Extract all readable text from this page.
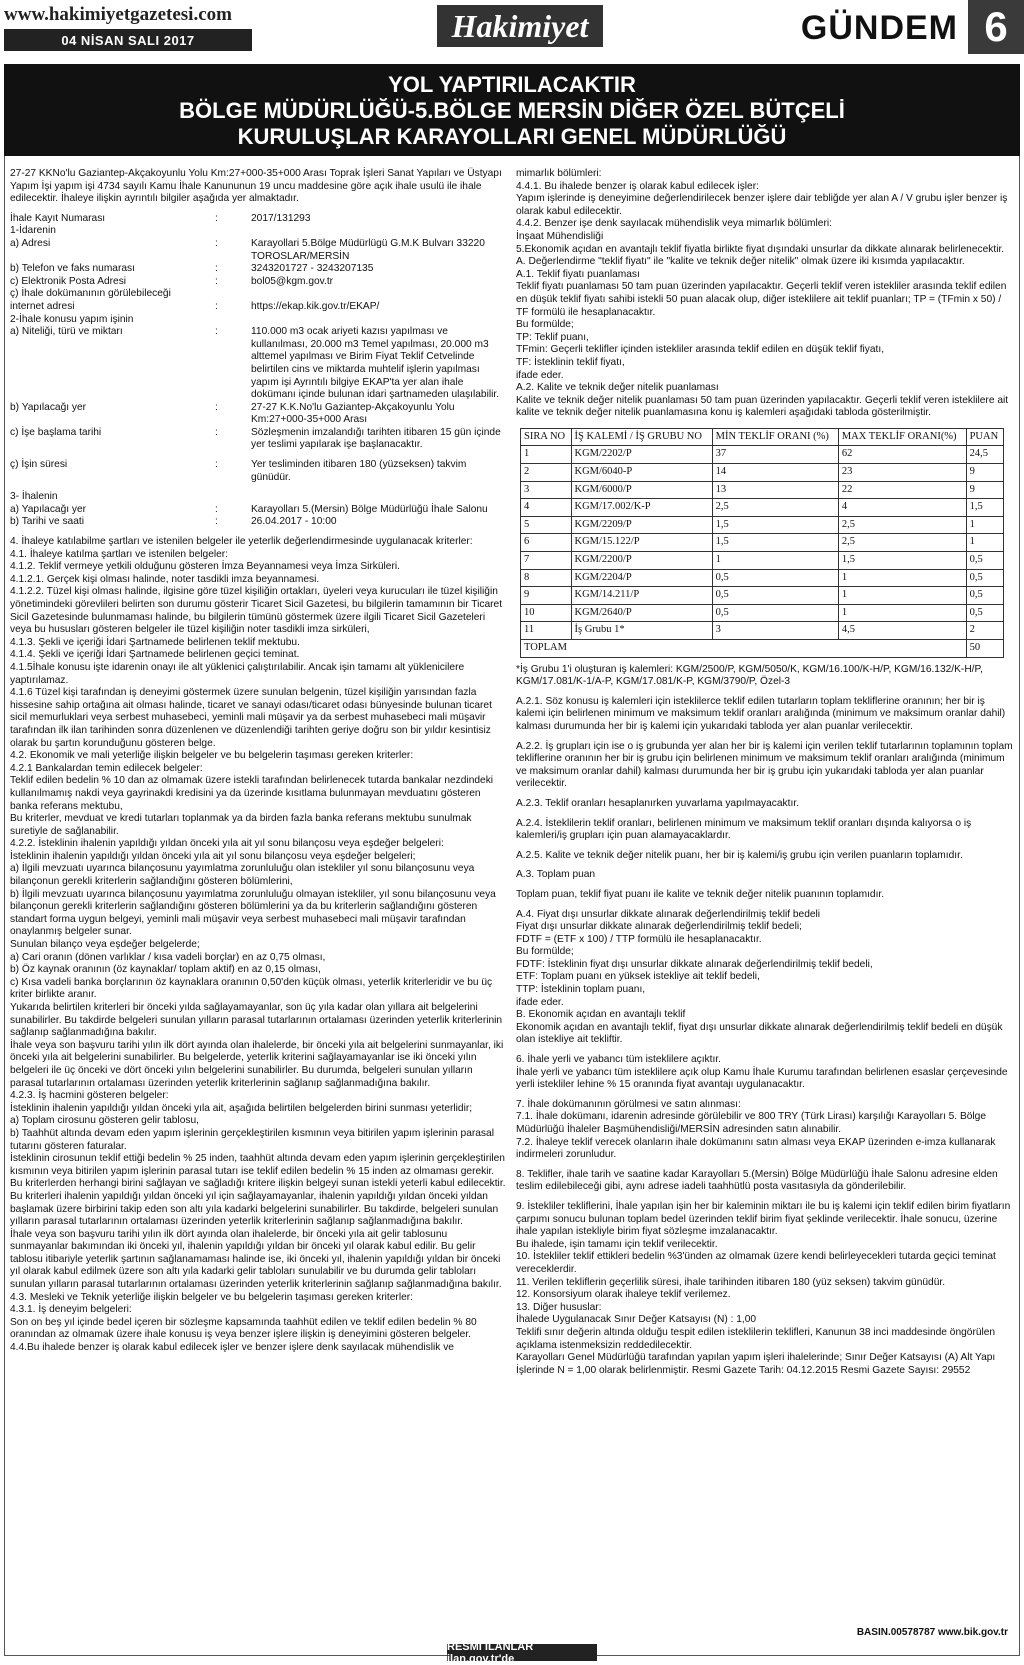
www.hakimiyetgazetesi.com
04 NİSAN SALI 2017	Hakimiyet	GÜNDEM 6
YOL YAPTIRILACAKTIR
BÖLGE MÜDÜRLÜĞÜ-5.BÖLGE MERSİN DİĞER ÖZEL BÜTÇELİ
KURULUŞLAR KARAYOLLARI GENEL MÜDÜRLÜĞÜ

27-27 KKNo'lu Gaziantep-Akçakoyunlu Yolu Km:27+000-35+000 Arası Toprak İşleri Sanat Yapıları ve Üstyapı Yapım İşi yapım işi 4734 sayılı Kamu İhale Kanununun 19 uncu maddesine göre açık ihale usulü ile ihale edilecektir. İhaleye ilişkin ayrıntılı bilgiler aşağıda yer almaktadır.

İhale Kayıt Numarası	:	2017/131293
1-İdarenin
a) Adresi	:	Karayollari 5.Bölge Müdürlügü G.M.K Bulvarı 33220 TOROSLAR/MERSİN
b) Telefon ve faks numarası	:	3243201727 - 3243207135
c) Elektronik Posta Adresi	:	bol05@kgm.gov.tr
ç) İhale dokümanının görülebileceği
internet adresi	:	https://ekap.kik.gov.tr/EKAP/
2-İhale konusu yapım işinin
a) Niteliği, türü ve miktarı	:	110.000 m3 ocak ariyeti kazısı yapılması ve kullanılması, 20.000 m3 Temel yapılması, 20.000 m3 alttemel yapılması ve Birim Fiyat Teklif Cetvelinde belirtilen cins ve miktarda muhtelif işlerin yapılması yapım işi Ayrıntılı bilgiye EKAP'ta yer alan ihale dokümanı içinde bulunan idari şartnameden ulaşılabilir.
b) Yapılacağı yer	:	27-27 K.K.No'lu Gaziantep-Akçakoyunlu Yolu Km:27+000-35+000 Arası
c) İşe başlama tarihi	:	Sözleşmenin imzalandığı tarihten itibaren 15 gün içinde yer teslimi yapılarak işe başlanacaktır.
ç) İşin süresi	:	Yer tesliminden itibaren 180 (yüzseksen) takvim günüdür.
3- İhalenin
a) Yapılacağı yer	:	Karayolları 5.(Mersin) Bölge Müdürlüğü İhale Salonu
b) Tarihi ve saati	:	26.04.2017 - 10:00

4. İhaleye katılabilme şartları ve istenilen belgeler ile yeterlik değerlendirmesinde uygulanacak kriterler:

4.1. İhaleye katılma şartları ve istenilen belgeler:

4.1.2. Teklif vermeye yetkili olduğunu gösteren İmza Beyannamesi veya İmza Sirküleri.

4.1.2.1. Gerçek kişi olması halinde, noter tasdikli imza beyannamesi.

4.1.2.2. Tüzel kişi olması halinde, ilgisine göre tüzel kişiliğin ortakları, üyeleri veya kurucuları ile tüzel kişiliğin yönetimindeki görevlileri belirten son durumu gösterir Ticaret Sicil Gazetesi, bu bilgilerin tamamının bir Ticaret Sicil Gazetesinde bulunmaması halinde, bu bilgilerin tümünü göstermek üzere ilgili Ticaret Sicil Gazeteleri veya bu hususları gösteren belgeler ile tüzel kişiliğin noter tasdikli imza sirküleri,

4.1.3. Şekli ve içeriği İdari Şartnamede belirlenen teklif mektubu.

4.1.4. Şekli ve içeriği İdari Şartnamede belirlenen geçici teminat.

4.1.5İhale konusu işte idarenin onayı ile alt yüklenici çalıştırılabilir. Ancak işin tamamı alt yüklenicilere yaptırılamaz.

4.1.6 Tüzel kişi tarafından iş deneyimi göstermek üzere sunulan belgenin, tüzel kişiliğin yarısından fazla hissesine sahip ortağına ait olması halinde, ticaret ve sanayi odası/ticaret odası bünyesinde bulunan ticaret sicil memurluklari veya serbest muhasebeci, yeminli mali müşavir ya da serbest muhasebeci mali müşavir tarafından ilk ilan tarihinden sonra düzenlenen ve düzenlendiği tarihten geriye doğru son bir yıldır kesintisiz olarak bu şartın korunduğunu gösteren belge.

4.2. Ekonomik ve mali yeterliğe ilişkin belgeler ve bu belgelerin taşıması gereken kriterler:

4.2.1 Bankalardan temin edilecek belgeler:

Teklif edilen bedelin % 10 dan az olmamak üzere istekli tarafından belirlenecek tutarda bankalar nezdindeki kullanılmamış nakdi veya gayrinakdi kredisini ya da üzerinde kısıtlama bulunmayan mevduatını gösteren banka referans mektubu,

Bu kriterler, mevduat ve kredi tutarları toplanmak ya da birden fazla banka referans mektubu sunulmak suretiyle de sağlanabilir.

4.2.2. İsteklinin ihalenin yapıldığı yıldan önceki yıla ait yıl sonu bilançosu veya eşdeğer belgeleri:

İsteklinin ihalenin yapıldığı yıldan önceki yıla ait yıl sonu bilançosu veya eşdeğer belgeleri;

a) İlgili mevzuatı uyarınca bilançosunu yayımlatma zorunluluğu olan istekliler yıl sonu bilançosunu veya bilançonun gerekli kriterlerin sağlandığını gösteren bölümlerini,

b) İlgili mevzuatı uyarınca bilançosunu yayımlatma zorunluluğu olmayan istekliler, yıl sonu bilançosunu veya bilançonun gerekli kriterlerin sağlandığını gösteren bölümlerini ya da bu kriterlerin sağlandığını gösteren standart forma uygun belgeyi, yeminli mali müşavir veya serbest muhasebeci mali müşavir tarafından onaylanmış belgeler sunar.

Sunulan bilanço veya eşdeğer belgelerde;

a) Cari oranın (dönen varlıklar / kısa vadeli borçlar) en az 0,75 olması,

b) Öz kaynak oranının (öz kaynaklar/ toplam aktif) en az 0,15 olması,

c) Kısa vadeli banka borçlarının öz kaynaklara oranının 0,50'den küçük olması, yeterlik kriterleridir ve bu üç kriter birlikte aranır.

Yukarıda belirtilen kriterleri bir önceki yılda sağlayamayanlar, son üç yıla kadar olan yıllara ait belgelerini sunabilirler. Bu takdirde belgeleri sunulan yılların parasal tutarlarının ortalaması üzerinden yeterlik kriterlerinin sağlanıp sağlanmadığına bakılır.

İhale veya son başvuru tarihi yılın ilk dört ayında olan ihalelerde, bir önceki yıla ait belgelerini sunmayanlar, iki önceki yıla ait belgelerini sunabilirler. Bu belgelerde, yeterlik kriterini sağlayamayanlar ise iki önceki yılın belgeleri ile üç önceki ve dört önceki yılın belgelerini sunabilirler. Bu durumda, belgeleri sunulan yılların parasal tutarlarının ortalaması üzerinden yeterlik kriterlerinin sağlanıp sağlanmadığına bakılır.

4.2.3. İş hacmini gösteren belgeler:

İsteklinin ihalenin yapıldığı yıldan önceki yıla ait, aşağıda belirtilen belgelerden birini sunması yeterlidir;

a) Toplam cirosunu gösteren gelir tablosu,

b) Taahhüt altında devam eden yapım işlerinin gerçekleştirilen kısmının veya bitirilen yapım işlerinin parasal tutarını gösteren faturalar.

İsteklinin cirosunun teklif ettiği bedelin % 25 inden, taahhüt altında devam eden yapım işlerinin gerçekleştirilen kısmının veya bitirilen yapım işlerinin parasal tutarı ise teklif edilen bedelin % 15 inden az olmaması gerekir. Bu kriterlerden herhangi birini sağlayan ve sağladığı kritere ilişkin belgeyi sunan istekli yeterli kabul edilecektir.

Bu kriterleri ihalenin yapıldığı yıldan önceki yıl için sağlayamayanlar, ihalenin yapıldığı yıldan önceki yıldan başlamak üzere birbirini takip eden son altı yıla kadarki belgelerini sunabilirler. Bu takdirde, belgeleri sunulan yılların parasal tutarlarının ortalaması üzerinden yeterlik kriterlerinin sağlanıp sağlanmadığına bakılır.

İhale veya son başvuru tarihi yılın ilk dört ayında olan ihalelerde, bir önceki yıla ait gelir tablosunu sunmayanlar bakımından iki önceki yıl, ihalenin yapıldığı yıldan bir önceki yıl olarak kabul edilir. Bu gelir tablosu itibariyle yeterlik şartının sağlanamaması halinde ise, iki önceki yıl, ihalenin yapıldığı yıldan bir önceki yıl olarak kabul edilmek üzere son altı yıla kadarki gelir tabloları sunulabilir ve bu durumda gelir tabloları sunulan yılların parasal tutarlarının ortalaması üzerinden yeterlik kriterlerinin sağlanıp sağlanmadığına bakılır.

4.3. Mesleki ve Teknik yeterliğe ilişkin belgeler ve bu belgelerin taşıması gereken kriterler:

4.3.1. İş deneyim belgeleri:

Son on beş yıl içinde bedel içeren bir sözleşme kapsamında taahhüt edilen ve teklif edilen bedelin % 80 oranından az olmamak üzere ihale konusu iş veya benzer işlere ilişkin iş deneyimini gösteren belgeler.

4.4.Bu ihalede benzer iş olarak kabul edilecek işler ve benzer işlere denk sayılacak mühendislik ve

mimarlık bölümleri:

4.4.1. Bu ihalede benzer iş olarak kabul edilecek işler:

Yapım işlerinde iş deneyimine değerlendirilecek benzer işlere dair tebliğde yer alan A / V grubu işler benzer iş olarak kabul edilecektir.

4.4.2. Benzer işe denk sayılacak mühendislik veya mimarlık bölümleri:

İnşaat Mühendisliği

5.Ekonomik açıdan en avantajlı teklif fiyatla birlikte fiyat dışındaki unsurlar da dikkate alınarak belirlenecektir.

A. Değerlendirme "teklif fiyatı" ile "kalite ve teknik değer nitelik" olmak üzere iki kısımda yapılacaktır.

A.1. Teklif fiyatı puanlaması

Teklif fiyatı puanlaması 50 tam puan üzerinden yapılacaktır. Geçerli teklif veren istekliler arasında teklif edilen en düşük teklif fiyatı sahibi istekli 50 puan alacak olup, diğer isteklilere ait teklif puanları; TP = (TFmin x 50) / TF formülü ile hesaplanacaktır.

Bu formülde;

TP: Teklif puanı,

TFmin: Geçerli teklifler içinden istekliler arasında teklif edilen en düşük teklif fiyatı,

TF: İsteklinin teklif fiyatı,

ifade eder.

A.2. Kalite ve teknik değer nitelik puanlaması

Kalite ve teknik değer nitelik puanlaması 50 tam puan üzerinden yapılacaktır. Geçerli teklif veren isteklilere ait kalite ve teknik değer nitelik puanlamasına konu iş kalemleri aşağıdaki tabloda gösterilmiştir.

SIRA NO	İŞ KALEMİ / İŞ GRUBU NO	MİN TEKLİF ORANI (%)	MAX TEKLİF ORANI(%)	PUAN
1	KGM/2202/P	37	62	24,5
2	KGM/6040-P	14	23	9
3	KGM/6000/P	13	22	9
4	KGM/17.002/K-P	2,5	4	1,5
5	KGM/2209/P	1,5	2,5	1
6	KGM/15.122/P	1,5	2,5	1
7	KGM/2200/P	1	1,5	0,5
8	KGM/2204/P	0,5	1	0,5
9	KGM/14.211/P	0,5	1	0,5
10	KGM/2640/P	0,5	1	0,5
11	İş Grubu 1*	3	4,5	2
TOPLAM				50

*İş Grubu 1'i oluşturan iş kalemleri: KGM/2500/P, KGM/5050/K, KGM/16.100/K-H/P, KGM/16.132/K-H/P, KGM/17.081/K-1/A-P, KGM/17.081/K-P, KGM/3790/P, Özel-3

A.2.1. Söz konusu iş kalemleri için isteklilerce teklif edilen tutarların toplam tekliflerine oranının; her bir iş kalemi için belirlenen minimum ve maksimum teklif oranları aralığında (minimum ve maksimum oranlar dahil) kalması durumunda her bir iş kalemi için yukarıdaki tabloda yer alan puanlar verilecektir.

A.2.2. İş grupları için ise o iş grubunda yer alan her bir iş kalemi için verilen teklif tutarlarının toplamının toplam tekliflerine oranının her bir iş grubu için belirlenen minimum ve maksimum teklif oranları aralığında (minimum ve maksimum oranlar dahil) kalması durumunda her bir iş grubu için yukarıdaki tabloda yer alan puanlar verilecektir.

A.2.3. Teklif oranları hesaplanırken yuvarlama yapılmayacaktır.

A.2.4. İsteklilerin teklif oranları, belirlenen minimum ve maksimum teklif oranları dışında kalıyorsa o iş kalemleri/iş grupları için puan alamayacaklardır.

A.2.5. Kalite ve teknik değer nitelik puanı, her bir iş kalemi/iş grubu için verilen puanların toplamıdır.

A.3. Toplam puan

Toplam puan, teklif fiyat puanı ile kalite ve teknik değer nitelik puanının toplamıdır.

A.4. Fiyat dışı unsurlar dikkate alınarak değerlendirilmiş teklif bedeli

Fiyat dışı unsurlar dikkate alınarak değerlendirilmiş teklif bedeli;

FDTF = (ETF x 100) / TTP formülü ile hesaplanacaktır.

Bu formülde;

FDTF: İsteklinin fiyat dışı unsurlar dikkate alınarak değerlendirilmiş teklif bedeli,

ETF: Toplam puanı en yüksek istekliye ait teklif bedeli,

TTP: İsteklinin toplam puanı,

ifade eder.

B. Ekonomik açıdan en avantajlı teklif

Ekonomik açıdan en avantajlı teklif, fiyat dışı unsurlar dikkate alınarak değerlendirilmiş teklif bedeli en düşük olan istekliye ait tekliftir.

6. İhale yerli ve yabancı tüm isteklilere açıktır.

İhale yerli ve yabancı tüm isteklilere açık olup Kamu İhale Kurumu tarafından belirlenen esaslar çerçevesinde yerli istekliler lehine % 15 oranında fiyat avantajı uygulanacaktır.

7. İhale dokümanının görülmesi ve satın alınması:

7.1. İhale dokümanı, idarenin adresinde görülebilir ve 800 TRY (Türk Lirası) karşılığı Karayolları 5. Bölge Müdürlüğü İhaleler Başmühendisliği/MERSİN adresinden satın alınabilir.

7.2. İhaleye teklif verecek olanların ihale dokümanını satın alması veya EKAP üzerinden e-imza kullanarak indirmeleri zorunludur.

8. Teklifler, ihale tarih ve saatine kadar Karayolları 5.(Mersin) Bölge Müdürlüğü İhale Salonu adresine elden teslim edilebileceği gibi, aynı adrese iadeli taahhütlü posta vasıtasıyla da gönderilebilir.

9. İstekliler tekliflerini, İhale yapılan işin her bir kaleminin miktarı ile bu iş kalemi için teklif edilen birim fiyatların çarpımı sonucu bulunan toplam bedel üzerinden teklif birim fiyat şeklinde verilecektir. İhale sonucu, üzerine ihale yapılan istekliyle birim fiyat sözleşme imzalanacaktır.

Bu ihalede, işin tamamı için teklif verilecektir.

10. İstekliler teklif ettikleri bedelin %3'ünden az olmamak üzere kendi belirleyecekleri tutarda geçici teminat vereceklerdir.

11. Verilen tekliflerin geçerlilik süresi, ihale tarihinden itibaren 180 (yüz seksen) takvim günüdür.

12. Konsorsiyum olarak ihaleye teklif verilemez.

13. Diğer hususlar:

İhalede Uygulanacak Sınır Değer Katsayısı (N) : 1,00

Teklifi sınır değerin altında olduğu tespit edilen isteklilerin teklifleri, Kanunun 38 inci maddesinde öngörülen açıklama istenmeksizin reddedilecektir.

Karayolları Genel Müdürlüğü tarafından yapılan yapım işleri ihalelerinde; Sınır Değer Katsayısı (A) Alt Yapı İşlerinde N = 1,00 olarak belirlenmiştir. Resmi Gazete Tarih: 04.12.2015 Resmi Gazete Sayısı: 29552

BASIN.00578787 www.bik.gov.tr
RESMİ İLANLAR ilan.gov.tr'de
